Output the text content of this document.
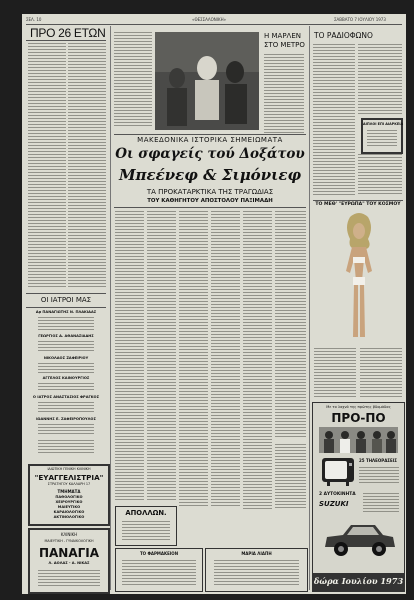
ΣΕΛ. 10	«ΘΕΣΣΑΛΟΝΙΚΗ»	ΣΑΒΒΑΤΟ 7 ΙΟΥΛΙΟΥ 1973
ΠΡΟ 26 ΕΤΩΝ
ΟΙ ΙΑΤΡΟΙ ΜΑΣ
Δρ ΠΑΝΑΓΙΩΤΗΣ Ν. ΠΛΑΚΙΔΑΣ
ΓΕΩΡΓΙΟΣ Δ. ΑΘΑΝΑΣΙΑΔΗΣ
ΝΙΚΟΛΑΟΣ ΖΑΦΕΙΡΙΟΥ
ΑΓΓΕΛΟΣ ΚΑΙΝΟΥΡΓΙΟΣ
Ο ΙΑΤΡΟΣ ΑΝΑΣΤΑΣΙΟΣ ΦΡΑΓΚΟΣ
ΙΩΑΝΝΗΣ Ε. ΖΑΦΕΙΡΟΠΟΥΛΟΣ
ΙΔΙΩΤΙΚΗ ΓΕΝΙΚΗ ΚΛΙΝΙΚΗ
"ΕΥΑΓΓΕΛΙΣΤΡΙΑ"
ΣΤΡΑΤΗΓΟΥ ΚΑΛΛΑΡΗ 17
ΤΜΗΜΑΤΑ
ΠΑΘΟΛΟΓΙΚΟ
ΧΕΙΡΟΥΡΓΙΚΟ
ΜΑΙΕΥΤΙΚΟ
ΚΑΡΔΙΟΛΟΓΙΚΟ
ΑΚΤΙΝΟΛΟΓΙΚΟ
ΚΛΙΝΙΚΗ
ΜΑΙΕΥΤΙΚΗ - ΓΥΝΑΙΚΟΛΟΓΙΚΗ
ΠΑΝΑΓΙΑ
Λ. ΔΟΛΑΣ - Α. ΝΙΚΑΣ
Η ΜΑΡΛΕΝ
ΣΤΟ ΜΕΤΡΟ
ΜΑΚΕΔΟΝΙΚΑ ΙΣΤΟΡΙΚΑ ΣΗΜΕΙΩΜΑΤΑ
Οι σφαγείς τού Δοξάτου
Μπεένεφ & Σιμόνιεφ
ΤΑ ΠΡΟΚΑΤΑΡΚΤΙΚΑ ΤΗΣ ΤΡΑΓΩΔΙΑΣ
ΤΟΥ ΚΑΘΗΓΗΤΟΥ ΑΠΟΣΤΟΛΟΥ ΠΑΞΙΜΑΔΗ
ΑΠΟΛΛΩΝ.
ΤΟ ΦΑΡΜΑΚΕΙΟΝ	ΜΑΡΙΑ ΛΙΑΠΗ
ΤΟ ΡΑΔΙΟΦΩΝΟ
ΔΙΠΛΟΙ ΕΠΙ ΔΙΑΡΚΕΙΑ
ΤΟ ΜΕΘ' "ΕΥΡΩΠΑ" ΤΟΥ ΚΟΣΜΟΥ
Με το λαχνό της πρώτης βδομάδας
ΠΡΟ-ΠΟ
25 ΤΗΛΕΟΡΑΣΕΙΣ
2 ΑΥΤΟΚΙΝΗΤΑ
SUZUKI
δώρα Ιουλίου 1973
